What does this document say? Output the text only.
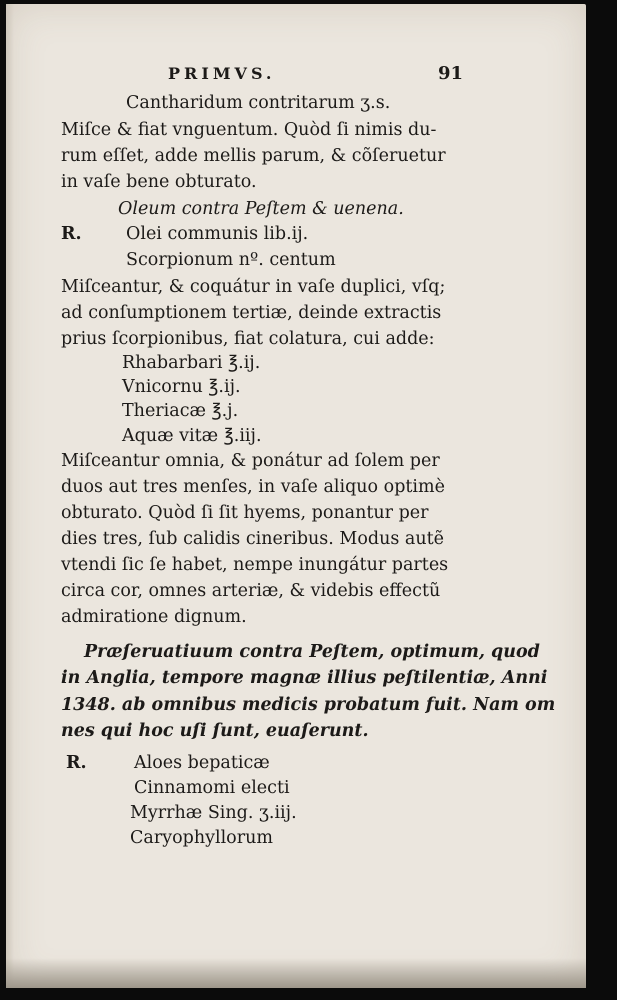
PRIMVS.	91
Cantharidum contritarum ʒ.s.
Miſce & fiat vnguentum. Quòd ſi nimis du-
rum eſſet, adde mellis parum, & cõſeruetur
in vaſe bene obturato.
Oleum contra Peſtem & uenena.
R.	Olei communis lib.ij.
Scorpionum nº. centum
Miſceantur, & coquátur in vaſe duplici, vſq;
ad conſumptionem tertiæ, deinde extractis
prius ſcorpionibus, fiat colatura, cui adde:
Rhabarbari ℥.ij.
Vnicornu ℥.ij.
Theriacæ ℥.j.
Aquæ vitæ ℥.iij.
Miſceantur omnia, & ponátur ad ſolem per
duos aut tres menſes, in vaſe aliquo optimè
obturato. Quòd ſi ſit hyems, ponantur per
dies tres, ſub calidis cineribus. Modus autẽ
vtendi ſic ſe habet, nempe inungátur partes
circa cor, omnes arteriæ, & videbis effectũ
admiratione dignum.
Præſeruatiuum contra Peſtem, optimum, quod
in Anglia, tempore magnæ illius peſtilentiæ, Anni
1348. ab omnibus medicis probatum fuit. Nam om
nes qui hoc uſi ſunt, euaſerunt.
R.	Aloes bepaticæ
Cinnamomi electi
Myrrhæ Sing. ʒ.iij.
Caryophyllorum
